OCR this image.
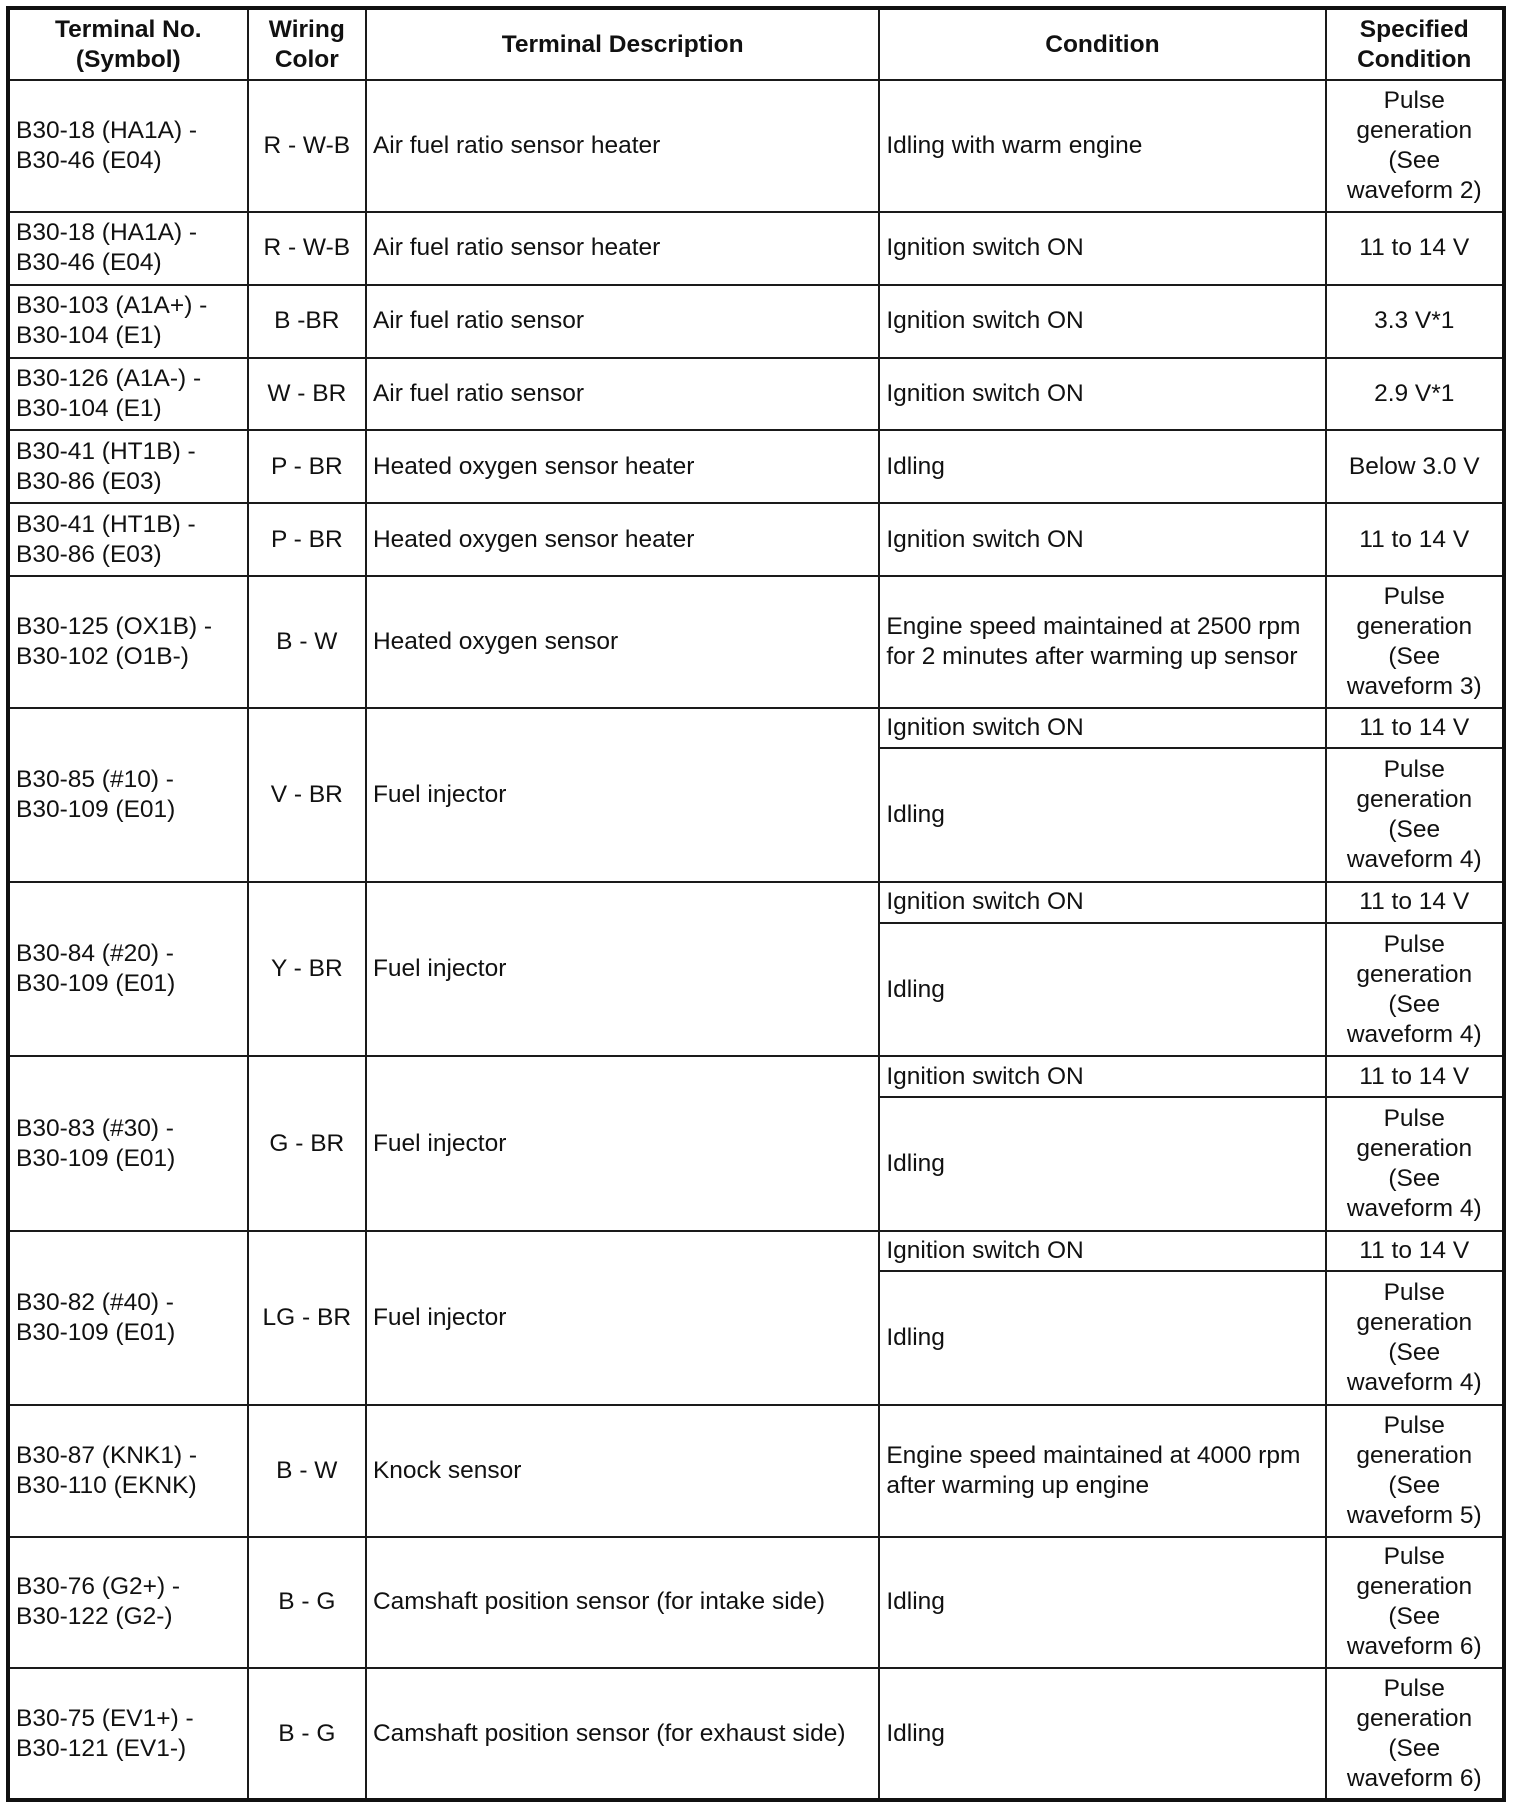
Terminal No.
(Symbol)	Wiring
Color	Terminal Description	Condition	Specified
Condition
B30-18 (HA1A) -
B30-46 (E04)	R - W-B	Air fuel ratio sensor heater	Idling with warm engine	Pulse
generation
(See
waveform 2)
B30-18 (HA1A) -
B30-46 (E04)	R - W-B	Air fuel ratio sensor heater	Ignition switch ON	11 to 14 V
B30-103 (A1A+) -
B30-104 (E1)	B -BR	Air fuel ratio sensor	Ignition switch ON	3.3 V*1
B30-126 (A1A-) -
B30-104 (E1)	W - BR	Air fuel ratio sensor	Ignition switch ON	2.9 V*1
B30-41 (HT1B) -
B30-86 (E03)	P - BR	Heated oxygen sensor heater	Idling	Below 3.0 V
B30-41 (HT1B) -
B30-86 (E03)	P - BR	Heated oxygen sensor heater	Ignition switch ON	11 to 14 V
B30-125 (OX1B) -
B30-102 (O1B-)	B - W	Heated oxygen sensor	Engine speed maintained at 2500 rpm
for 2 minutes after warming up sensor	Pulse
generation
(See
waveform 3)
B30-85 (#10) -
B30-109 (E01)	V - BR	Fuel injector	Ignition switch ON	11 to 14 V
			Idling	Pulse
generation
(See
waveform 4)
B30-84 (#20) -
B30-109 (E01)	Y - BR	Fuel injector	Ignition switch ON	11 to 14 V
			Idling	Pulse
generation
(See
waveform 4)
B30-83 (#30) -
B30-109 (E01)	G - BR	Fuel injector	Ignition switch ON	11 to 14 V
			Idling	Pulse
generation
(See
waveform 4)
B30-82 (#40) -
B30-109 (E01)	LG - BR	Fuel injector	Ignition switch ON	11 to 14 V
			Idling	Pulse
generation
(See
waveform 4)
B30-87 (KNK1) -
B30-110 (EKNK)	B - W	Knock sensor	Engine speed maintained at 4000 rpm
after warming up engine	Pulse
generation
(See
waveform 5)
B30-76 (G2+) -
B30-122 (G2-)	B - G	Camshaft position sensor (for intake side)	Idling	Pulse
generation
(See
waveform 6)
B30-75 (EV1+) -
B30-121 (EV1-)	B - G	Camshaft position sensor (for exhaust side)	Idling	Pulse
generation
(See
waveform 6)
